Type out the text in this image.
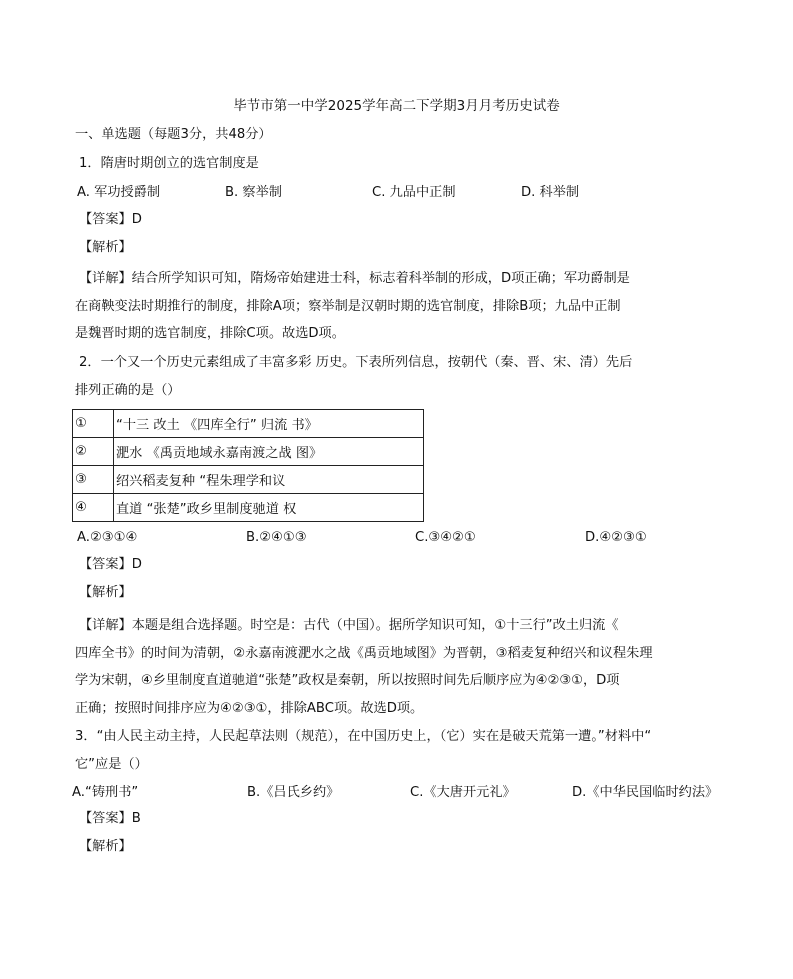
毕节市第一中学2025学年高二下学期3月月考历史试卷
一、单选题（每题3分，共48分）
1．隋唐时期创立的选官制度是
A. 军功授爵制	B. 察举制	C. 九品中正制	D. 科举制
【答案】D
【解析】
【详解】结合所学知识可知，隋炀帝始建进士科，标志着科举制的形成，D项正确；军功爵制是
在商鞅变法时期推行的制度，排除A项；察举制是汉朝时期的选官制度，排除B项；九品中正制
是魏晋时期的选官制度，排除C项。故选D项。
2．一个又一个历史元素组成了丰富多彩 历史。下表所列信息，按朝代（秦、晋、宋、清）先后
排列正确的是（）
①	“十三 改土 《四库全行” 归流 书》
②	淝水 《禹贡地域永嘉南渡之战 图》
③	绍兴稻麦复种 “程朱理学和议
④	直道 “张楚”政乡里制度驰道 权
A.②③①④	B.②④①③	C.③④②①	D.④②③①
【答案】D
【解析】
【详解】本题是组合选择题。时空是：古代（中国）。据所学知识可知，①十三行”改土归流《
四库全书》的时间为清朝，②永嘉南渡淝水之战《禹贡地域图》为晋朝，③稻麦复种绍兴和议程朱理
学为宋朝，④乡里制度直道驰道“张楚”政权是秦朝，所以按照时间先后顺序应为④②③①，D项
正确；按照时间排序应为④②③①，排除ABC项。故选D项。
3．“由人民主动主持，人民起草法则（规范），在中国历史上，（它）实在是破天荒第一遭。”材料中“
它”应是（）
A.“铸刑书”	B.《吕氏乡约》	C.《大唐开元礼》	D.《中华民国临时约法》
【答案】B
【解析】
